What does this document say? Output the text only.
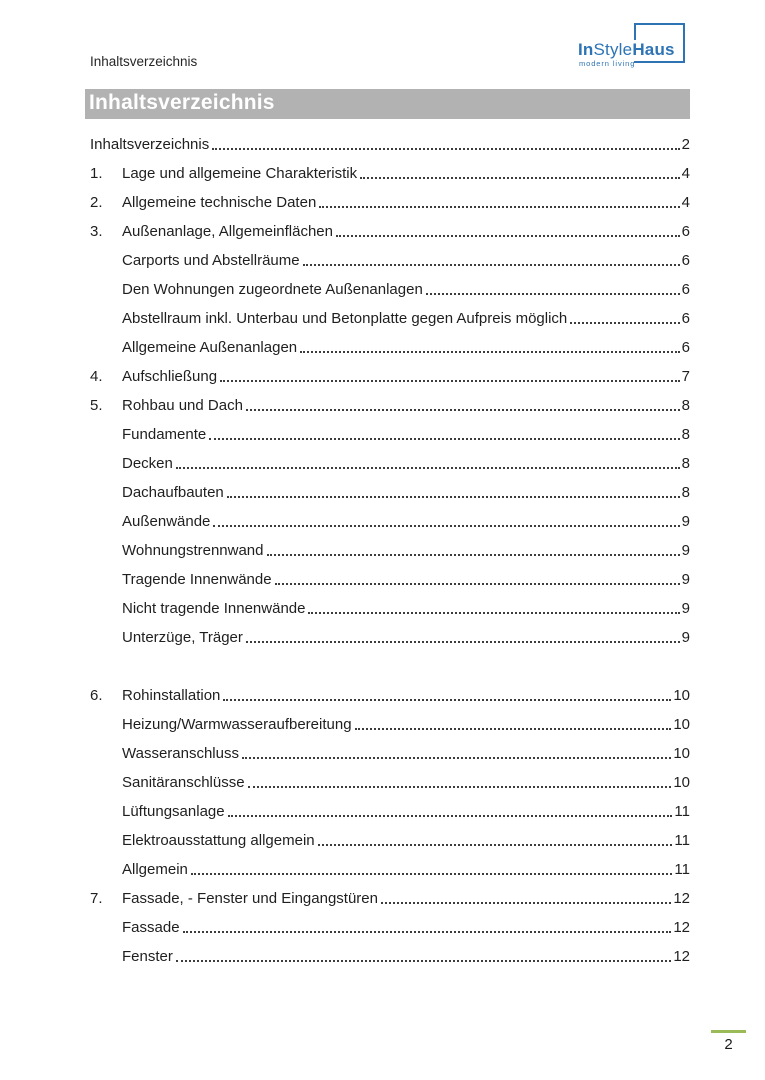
Inhaltsverzeichnis
InStyleHaus
modern living
Inhaltsverzeichnis
Inhaltsverzeichnis	2
1.	Lage und allgemeine Charakteristik	4
2.	Allgemeine technische Daten	4
3.	Außenanlage, Allgemeinflächen	6
Carports und Abstellräume	6
Den Wohnungen zugeordnete Außenanlagen	6
Abstellraum inkl. Unterbau und Betonplatte gegen Aufpreis möglich	6
Allgemeine Außenanlagen	6
4.	Aufschließung	7
5.	Rohbau und Dach	8
Fundamente	8
Decken	8
Dachaufbauten	8
Außenwände	9
Wohnungstrennwand	9
Tragende Innenwände	9
Nicht tragende Innenwände	9
Unterzüge, Träger	9
6.	Rohinstallation	10
Heizung/Warmwasseraufbereitung	10
Wasseranschluss	10
Sanitäranschlüsse	10
Lüftungsanlage	11
Elektroausstattung allgemein	11
Allgemein	11
7.	Fassade, - Fenster und Eingangstüren	12
Fassade	12
Fenster	12
2
